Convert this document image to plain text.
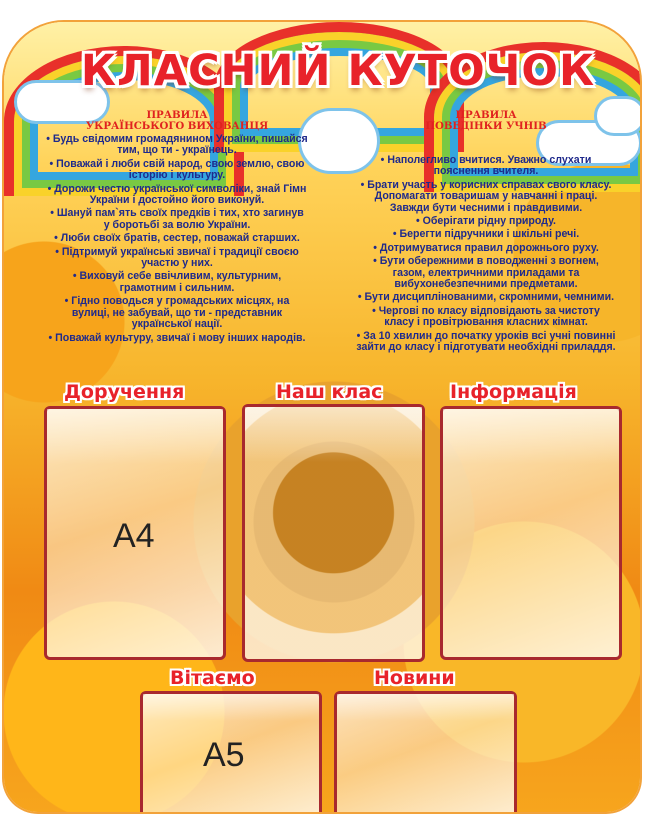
КЛАСНИЙ КУТОЧОК
ПРАВИЛА
УКРАЇНСЬКОГО ВИХОВАНЦЯ
• Будь свідомим громадянином України, пишайся тим, що ти - українець.
• Поважай і люби свій народ, свою землю, свою історію і культуру.
• Дорожи честю української символіки, знай Гімн України і достойно його виконуй.
• Шануй пам`ять своїх предків і тих, хто загинув у боротьбі за волю України.
• Люби своїх братів, сестер, поважай старших.
• Підтримуй українські звичаї і традиції своєю участю у них.
• Виховуй себе ввічливим, культурним, грамотним і сильним.
• Гідно поводься у громадських місцях, на вулиці, не забувай, що ти - представник української нації.
• Поважай культуру, звичаї і мову інших народів.
ПРАВИЛА
ПОВЕДІНКИ УЧНІВ
• Наполегливо вчитися. Уважно слухати пояснення вчителя.
• Брати участь у корисних справах свого класу. Допомагати товаришам у навчанні і праці. Завжди бути чесними і правдивими.
• Оберігати рідну природу.
• Берегти підручники і шкільні речі.
• Дотримуватися правил дорожнього руху.
• Бути обережними в поводженні з вогнем, газом, електричними приладами та вибухонебезпечними предметами.
• Бути дисциплінованими, скромними, чемними.
• Чергові по класу відповідають за чистоту класу і провітрювання класних кімнат.
• За 10 хвилин до початку уроків всі учні повинні зайти до класу і підготувати необхідні приладдя.
Доручення	Наш клас	Інформація
Вітаємо	Новини
А4
А5
